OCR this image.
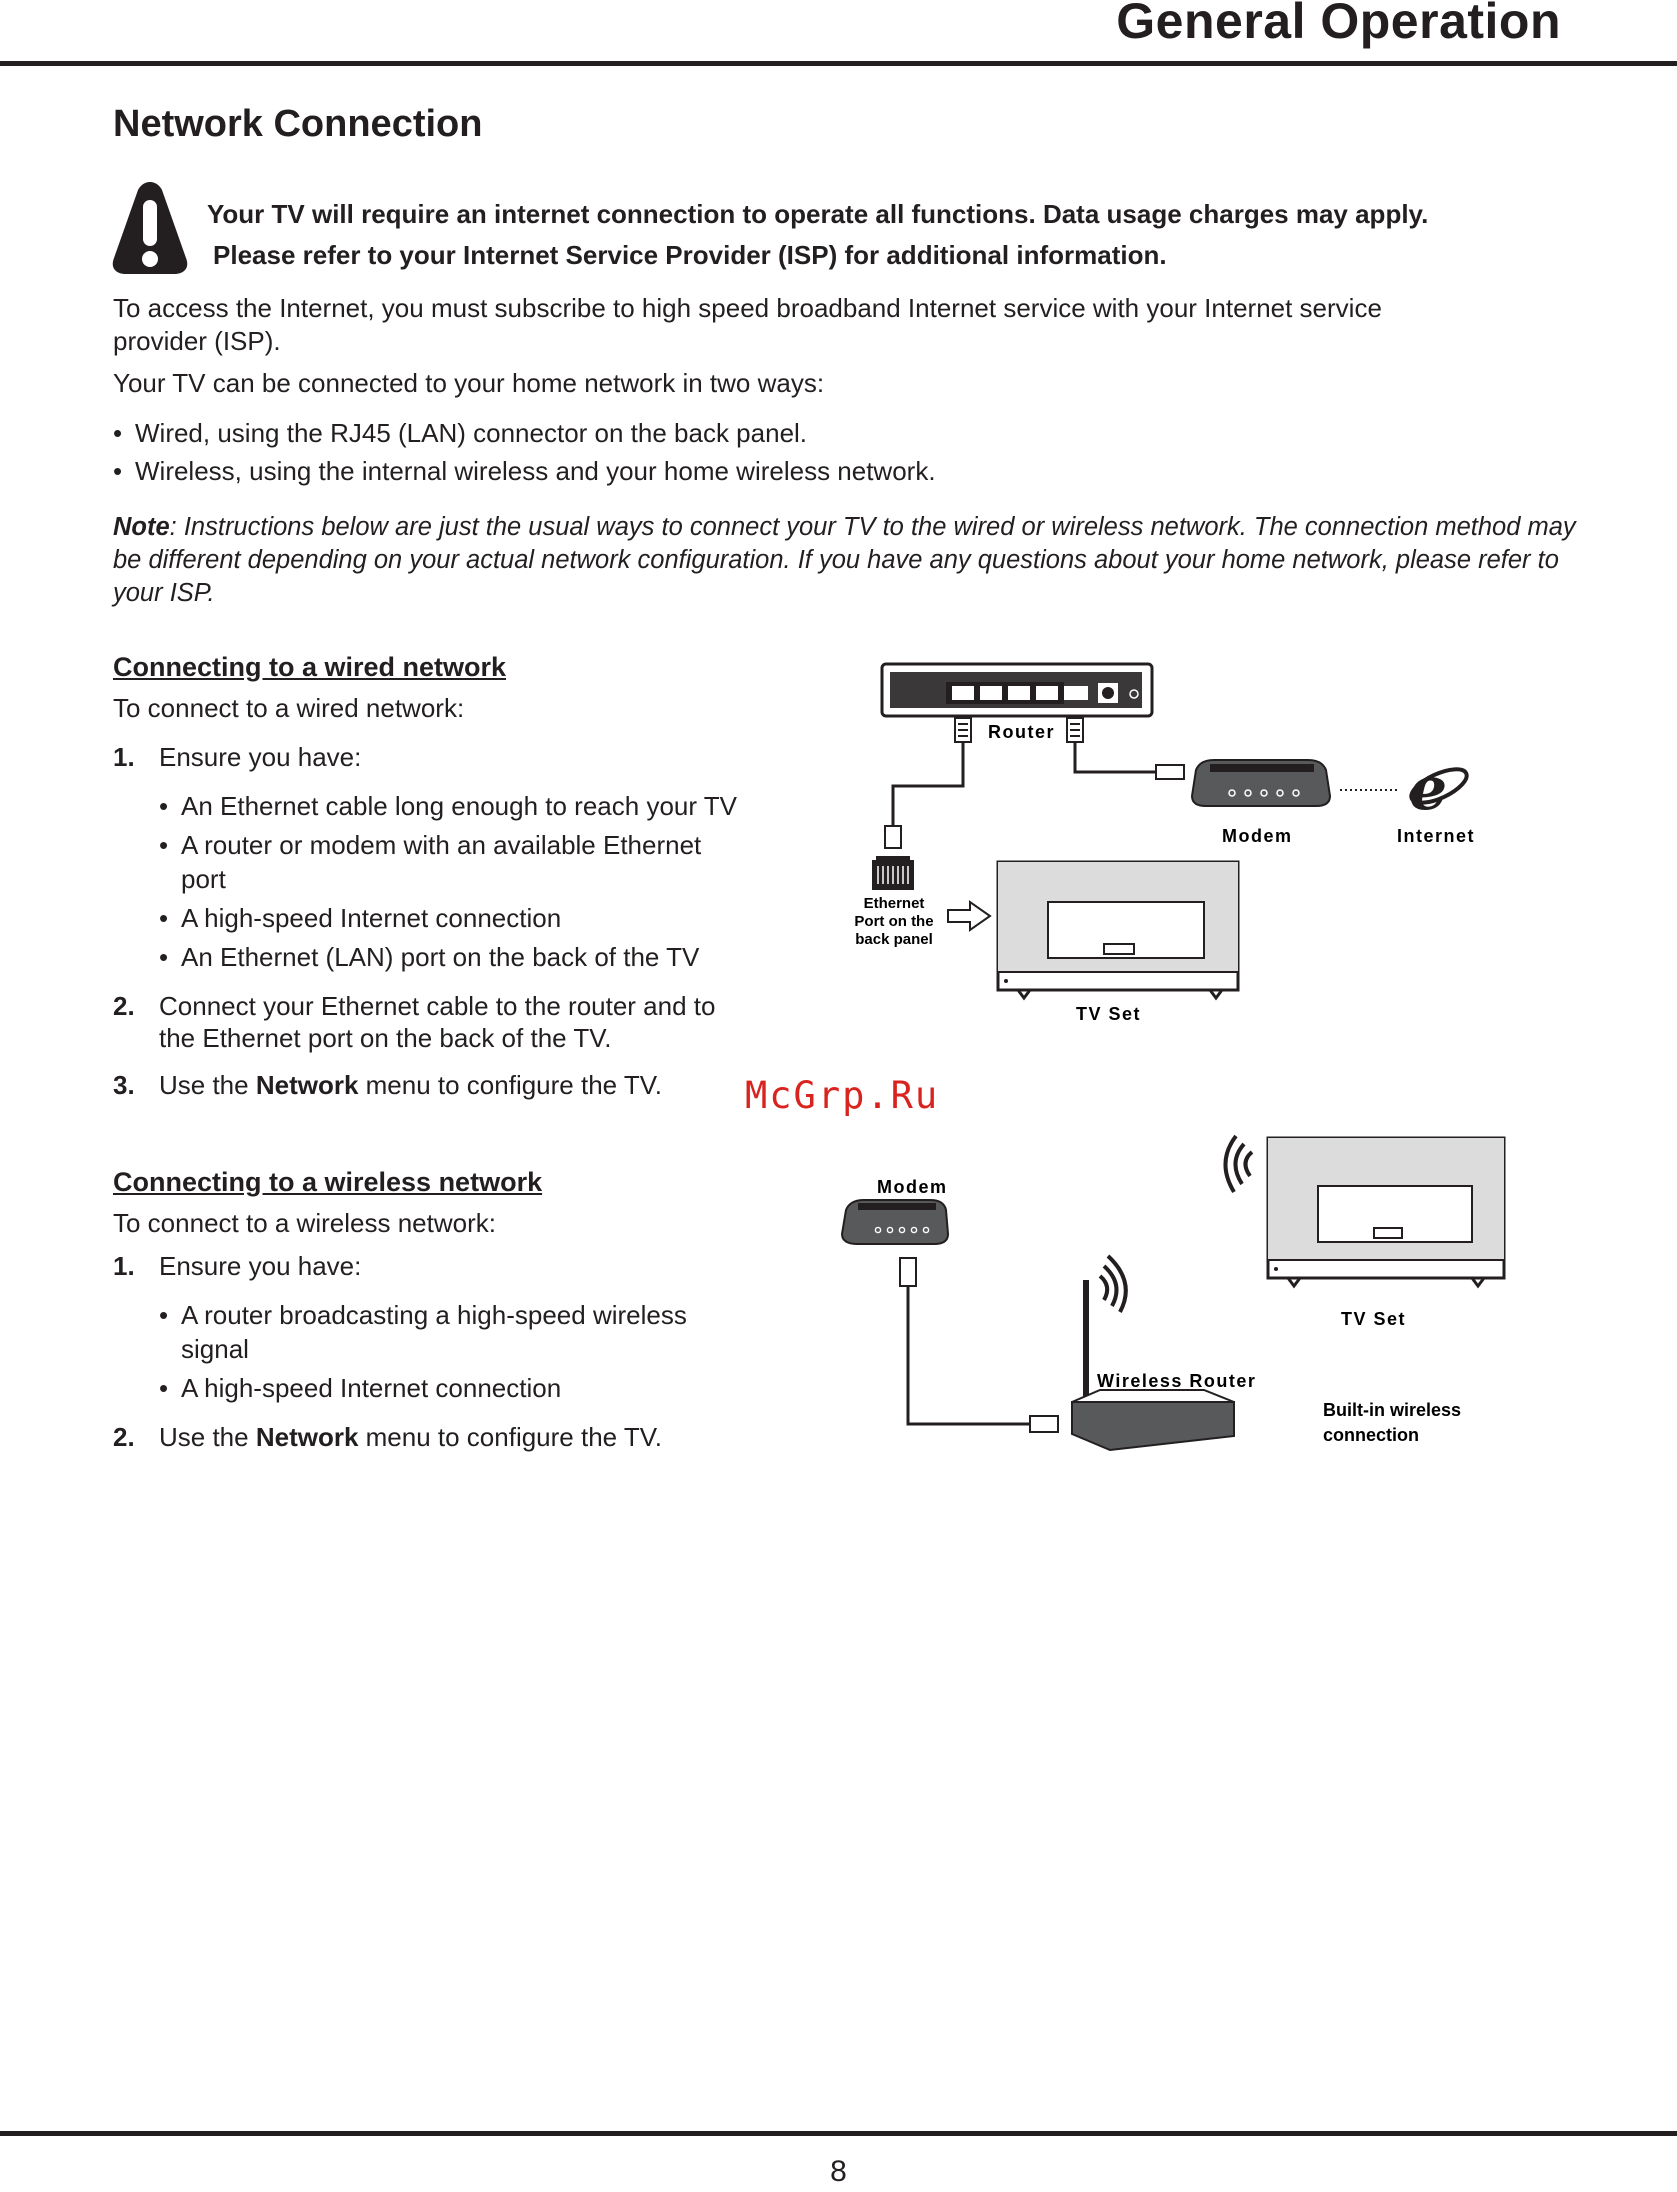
General Operation
Network Connection
Your TV will require an internet connection to operate all functions. Data usage charges may apply.
Please refer to your Internet Service Provider (ISP) for additional information.
To access the Internet, you must subscribe to high speed broadband Internet service with your Internet service
provider (ISP).
Your TV can be connected to your home network in two ways:
• Wired, using the RJ45 (LAN) connector on the back panel.
• Wireless, using the internal wireless and your home wireless network.
Note: Instructions below are just the usual ways to connect your TV to the wired or wireless network. The connection method may be different depending on your actual network configuration. If you have any questions about your home network, please refer to your ISP.
Connecting to a wired network
To connect to a wired network:
1. Ensure you have:
• An Ethernet cable long enough to reach your TV
• A router or modem with an available Ethernet
port
• A high-speed Internet connection
• An Ethernet (LAN) port on the back of the TV
2. Connect your Ethernet cable to the router and to
the Ethernet port on the back of the TV.
3. Use the Network menu to configure the TV.
Router
Modem
e
Internet
Ethernet
Port on the
back panel
TV Set
McGrp.Ru
Connecting to a wireless network
To connect to a wireless network:
1. Ensure you have:
• A router broadcasting a high-speed wireless
signal
• A high-speed Internet connection
2. Use the Network menu to configure the TV.
Modem
Wireless Router
TV Set
Built-in wireless
connection
8
